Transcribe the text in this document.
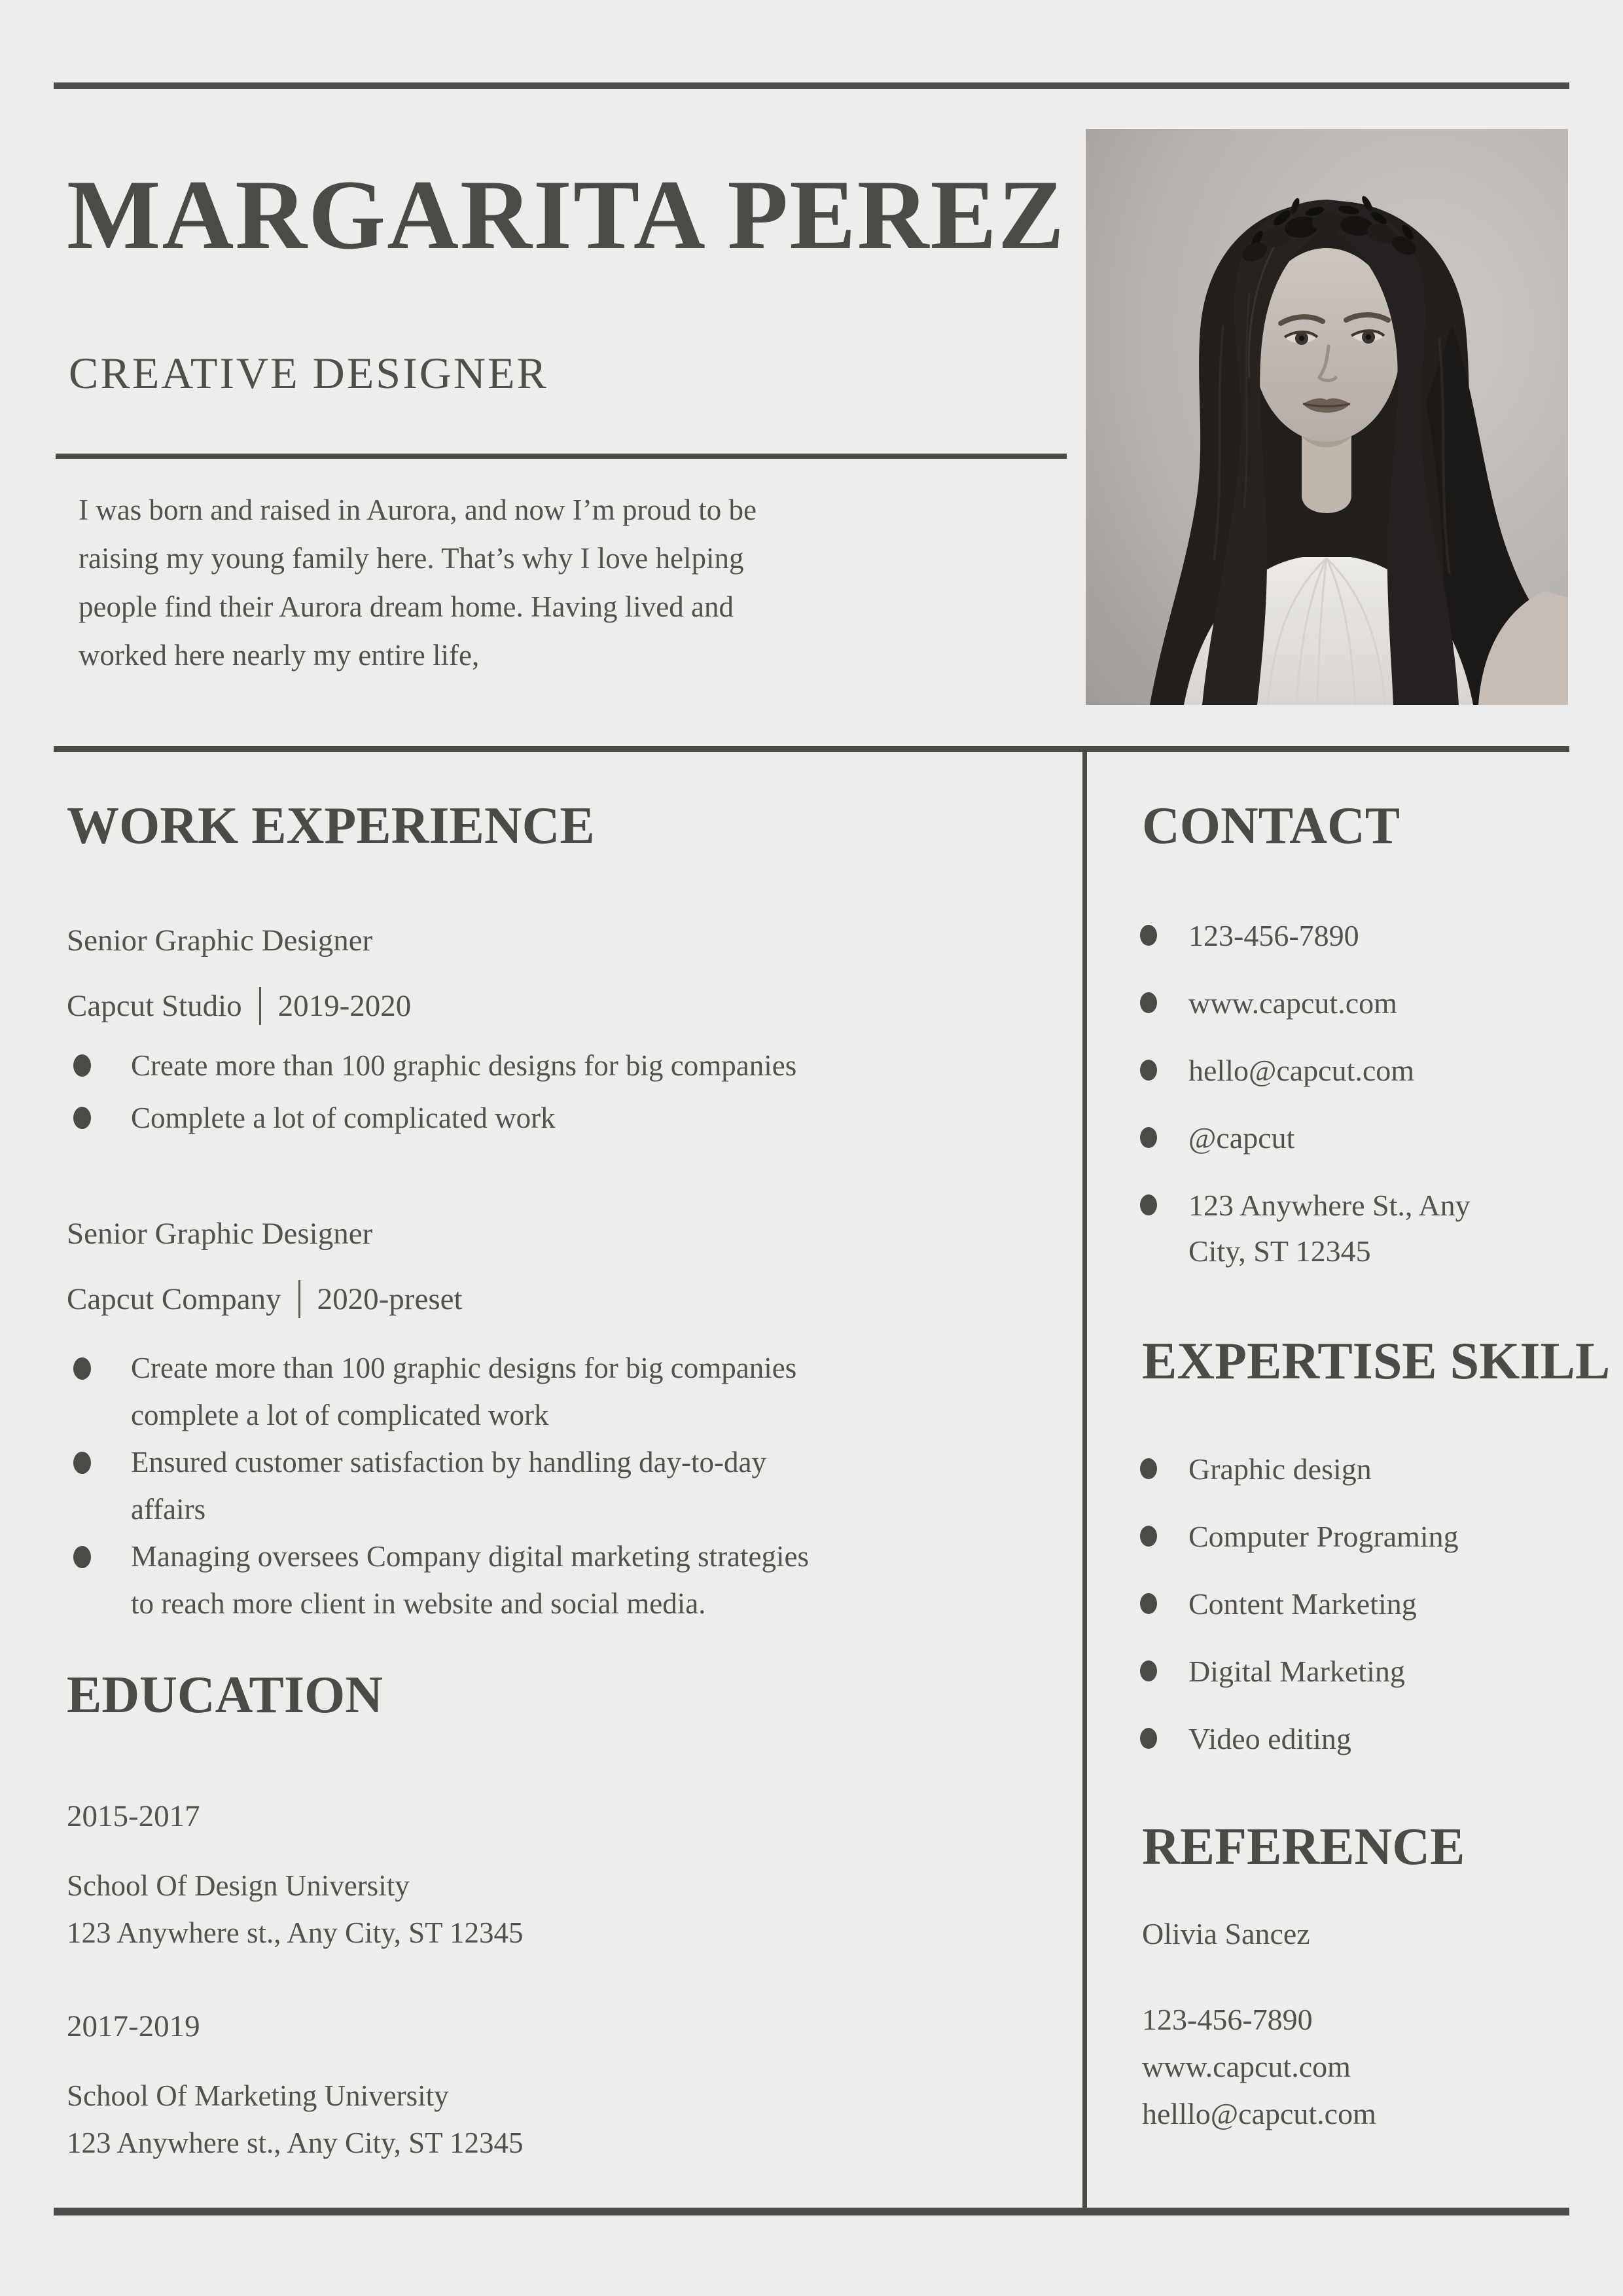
MARGARITA PEREZ
CREATIVE DESIGNER
I was born and raised in Aurora, and now I’m proud to be
raising my young family here. That’s why I love helping
people find their Aurora dream home. Having lived and
worked here nearly my entire life,
WORK EXPERIENCE
Senior Graphic Designer
Capcut Studio 2019-2020
Create more than 100 graphic designs for big companies
Complete a lot of complicated work
Senior Graphic Designer
Capcut Company 2020-preset
Create more than 100 graphic designs for big companies
complete a lot of complicated work
Ensured customer satisfaction by handling day-to-day
affairs
Managing oversees Company digital marketing strategies
to reach more client in website and social media.
EDUCATION
2015-2017
School Of Design University
123 Anywhere st., Any City, ST 12345
2017-2019
School Of Marketing University
123 Anywhere st., Any City, ST 12345
CONTACT
123-456-7890
www.capcut.com
hello@capcut.com
@capcut
123 Anywhere St., Any
City, ST 12345
EXPERTISE SKILL
Graphic design
Computer Programing
Content Marketing
Digital Marketing
Video editing
REFERENCE
Olivia Sancez
123-456-7890
www.capcut.com
helllo@capcut.com
